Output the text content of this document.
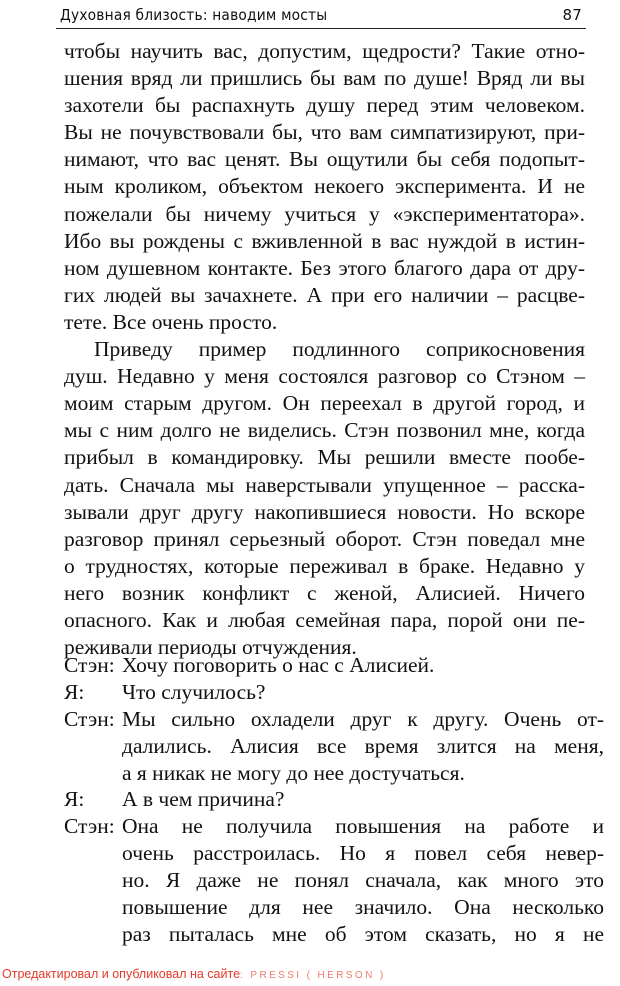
Духовная близость: наводим мосты	87
чтобы научить вас, допустим, щедрости? Такие отно-
шения вряд ли пришлись бы вам по душе! Вряд ли вы
захотели бы распахнуть душу перед этим человеком.
Вы не почувствовали бы, что вам симпатизируют, при-
нимают, что вас ценят. Вы ощутили бы себя подопыт-
ным кроликом, объектом некоего эксперимента. И не
пожелали бы ничему учиться у «экспериментатора».
Ибо вы рождены с вживленной в вас нуждой в истин-
ном душевном контакте. Без этого благого дара от дру-
гих людей вы зачахнете. А при его наличии – расцве-
тете. Все очень просто.
Приведу пример подлинного соприкосновения
душ. Недавно у меня состоялся разговор со Стэном –
моим старым другом. Он переехал в другой город, и
мы с ним долго не виделись. Стэн позвонил мне, когда
прибыл в командировку. Мы решили вместе пообе-
дать. Сначала мы наверстывали упущенное – расска-
зывали друг другу накопившиеся новости. Но вскоре
разговор принял серьезный оборот. Стэн поведал мне
о трудностях, которые переживал в браке. Недавно у
него возник конфликт с женой, Алисией. Ничего
опасного. Как и любая семейная пара, порой они пе-
реживали периоды отчуждения.
Стэн: Хочу поговорить о нас с Алисией.
Я:	Что случилось?
Стэн: Мы сильно охладели друг к другу. Очень от-
далились. Алисия все время злится на меня,
а я никак не могу до нее достучаться.
Я:	А в чем причина?
Стэн: Она не получила повышения на работе и
очень расстроилась. Но я повел себя невер-
но. Я даже не понял сначала, как много это
повышение для нее значило. Она несколько
раз пыталась мне об этом сказать, но я не
Отредактировал и опубликовал на сайте: PRESSI ( HERSON )
